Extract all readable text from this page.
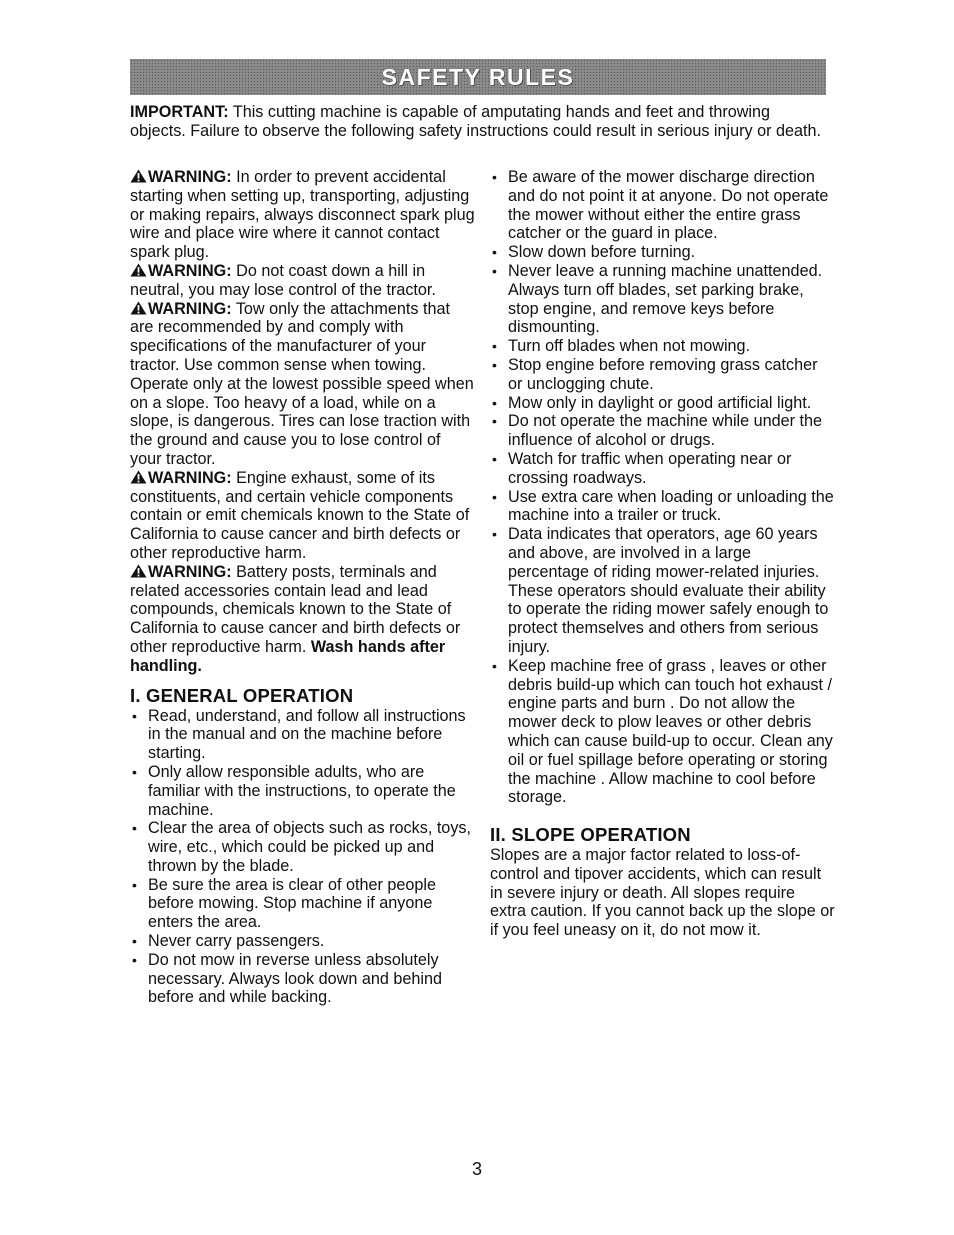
SAFETY RULES

IMPORTANT: This cutting machine is capable of amputating hands and feet and throwing objects. Failure to observe the following safety instructions could result in serious injury or death.

WARNING: In order to prevent accidental starting when setting up, transporting, adjusting or making repairs, always disconnect spark plug wire and place wire where it cannot contact spark plug.

WARNING: Do not coast down a hill in neutral, you may lose control of the tractor.

WARNING: Tow only the attachments that are recommended by and comply with specifications of the manufacturer of your tractor. Use common sense when towing. Operate only at the lowest possible speed when on a slope. Too heavy of a load, while on a slope, is dangerous. Tires can lose traction with the ground and cause you to lose control of your tractor.

WARNING: Engine exhaust, some of its constituents, and certain vehicle components contain or emit chemicals known to the State of California to cause cancer and birth defects or other reproductive harm.

WARNING: Battery posts, terminals and related accessories contain lead and lead compounds, chemicals known to the State of California to cause cancer and birth defects or other reproductive harm. Wash hands after handling.

I. GENERAL OPERATION
• Read, understand, and follow all instructions in the manual and on the machine before starting.
• Only allow responsible adults, who are familiar with the instructions, to operate the machine.
• Clear the area of objects such as rocks, toys, wire, etc., which could be picked up and thrown by the blade.
• Be sure the area is clear of other people before mowing. Stop machine if anyone enters the area.
• Never carry passengers.
• Do not mow in reverse unless absolutely necessary. Always look down and behind before and while backing.
• Be aware of the mower discharge direction and do not point it at anyone. Do not operate the mower without either the entire grass catcher or the guard in place.
• Slow down before turning.
• Never leave a running machine unattended. Always turn off blades, set parking brake, stop engine, and remove keys before dismounting.
• Turn off blades when not mowing.
• Stop engine before removing grass catcher or unclogging chute.
• Mow only in daylight or good artificial light.
• Do not operate the machine while under the influence of alcohol or drugs.
• Watch for traffic when operating near or crossing roadways.
• Use extra care when loading or unloading the machine into a trailer or truck.
• Data indicates that operators, age 60 years and above, are involved in a large percentage of riding mower-related injuries. These operators should evaluate their ability to operate the riding mower safely enough to protect themselves and others from serious injury.
• Keep machine free of grass , leaves or other debris build-up which can touch hot exhaust / engine parts and burn . Do not allow the mower deck to plow leaves or other debris which can cause build-up to occur. Clean any oil or fuel spillage before operating or storing the machine . Allow machine to cool before storage.
II. SLOPE OPERATION

Slopes are a major factor related to loss-of-control and tipover accidents, which can result in severe injury or death. All slopes require extra caution. If you cannot back up the slope or if you feel uneasy on it, do not mow it.

3
